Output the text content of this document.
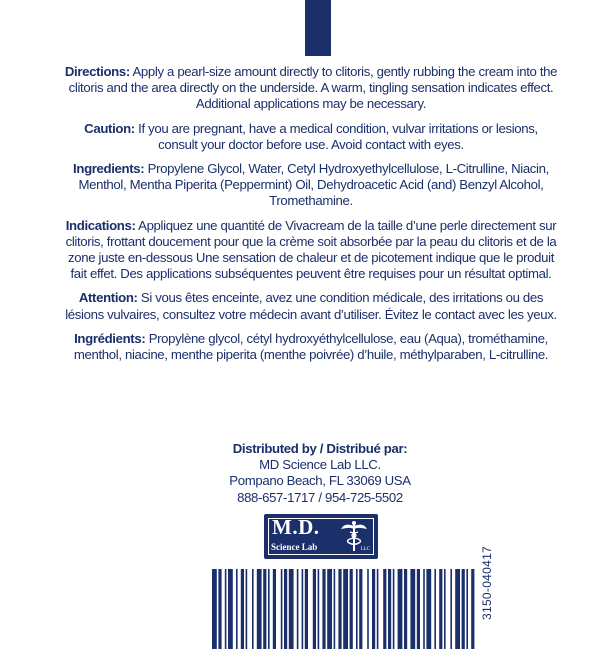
Directions: Apply a pearl-size amount directly to clitoris, gently rubbing the cream into the clitoris and the area directly on the underside. A warm, tingling sensation indicates effect. Additional applications may be necessary.

Caution: If you are pregnant, have a medical condition, vulvar irritations or lesions, consult your doctor before use. Avoid contact with eyes.

Ingredients: Propylene Glycol, Water, Cetyl Hydroxyethylcellulose, L-Citrulline, Niacin, Menthol, Mentha Piperita (Peppermint) Oil, Dehydroacetic Acid (and) Benzyl Alcohol, Tromethamine.

Indications: Appliquez une quantité de Vivacream de la taille d’une perle directement sur clitoris, frottant doucement pour que la crème soit absorbée par la peau du clitoris et de la zone juste en-dessous Une sensation de chaleur et de picotement indique que le produit fait effet. Des applications subséquentes peuvent être requises pour un résultat optimal.

Attention: Si vous êtes enceinte, avez une condition médicale, des irritations ou des lésions vulvaires, consultez votre médecin avant d’utiliser. Évitez le contact avec les yeux.

Ingrédients: Propylène glycol, cétyl hydroxyéthylcellulose, eau (Aqua), trométhamine, menthol, niacine, menthe piperita (menthe poivrée) d’huile, méthylparaben, L-citrulline.

Distributed by / Distribué par:
MD Science Lab LLC.
Pompano Beach, FL 33069 USA
888-657-1717 / 954-725-5502
M.D.
Science Lab	LLC	3150-040417
